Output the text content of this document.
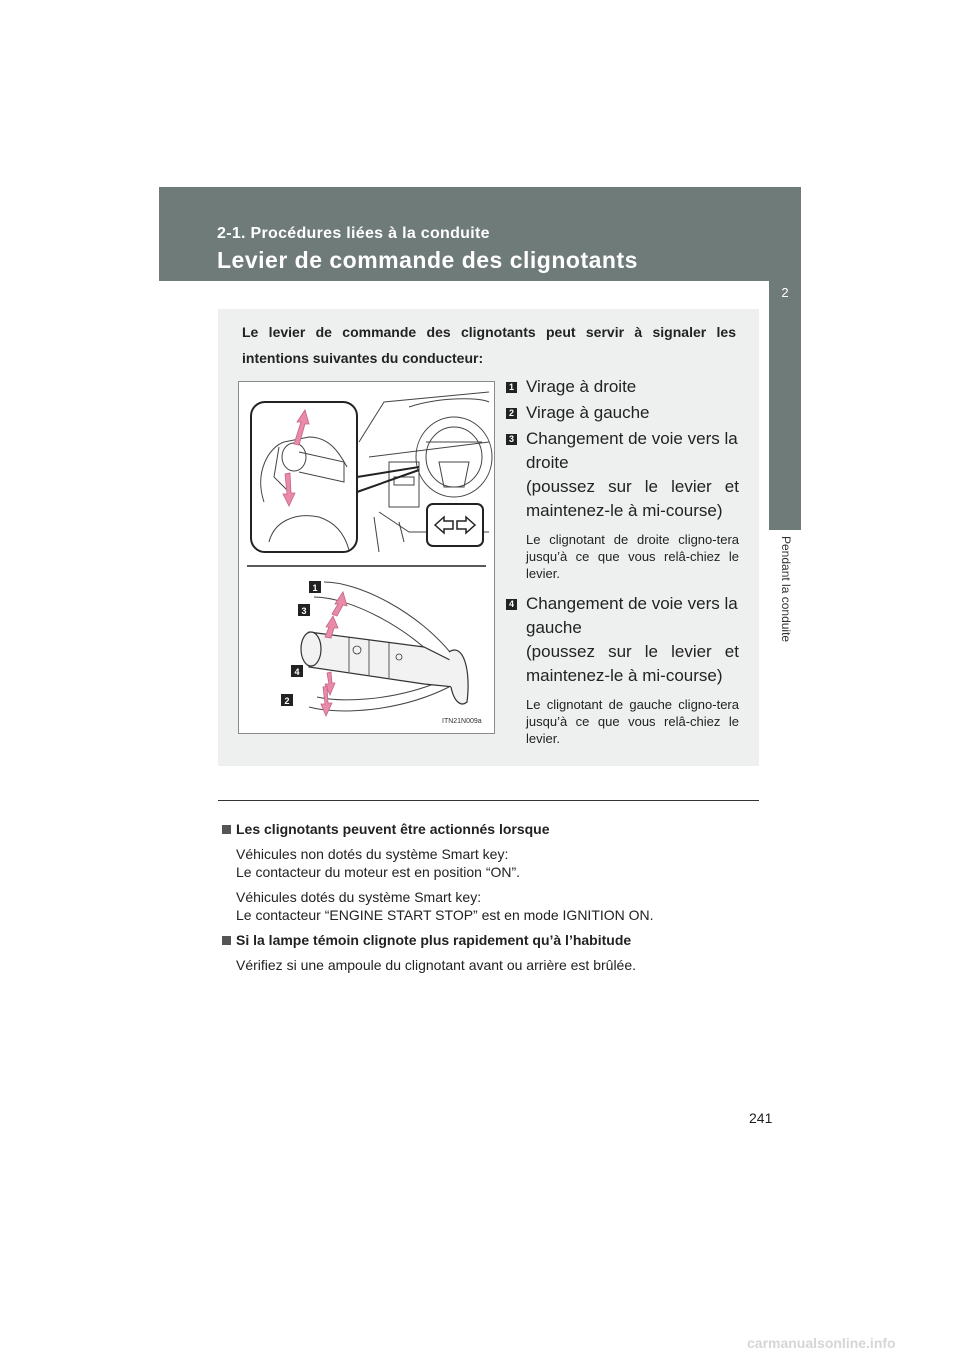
2-1. Procédures liées à la conduite
Levier de commande des clignotants
2
Pendant la conduite
Le levier de commande des clignotants peut servir à signaler les intentions suivantes du conducteur:
1
3
4
2
ITN21N009a
1 Virage à droite
2 Virage à gauche
3 Changement de voie vers la droite
(poussez sur le levier et maintenez-le à mi-course)
Le clignotant de droite cligno-tera jusqu’à ce que vous relâ-chiez le levier.
4 Changement de voie vers la gauche
(poussez sur le levier et maintenez-le à mi-course)
Le clignotant de gauche cligno-tera jusqu’à ce que vous relâ-chiez le levier.
Les clignotants peuvent être actionnés lorsque
Véhicules non dotés du système Smart key:
Le contacteur du moteur est en position “ON”.
Véhicules dotés du système Smart key:
Le contacteur “ENGINE START STOP” est en mode IGNITION ON.
Si la lampe témoin clignote plus rapidement qu’à l’habitude
Vérifiez si une ampoule du clignotant avant ou arrière est brûlée.
241
carmanualsonline.info
